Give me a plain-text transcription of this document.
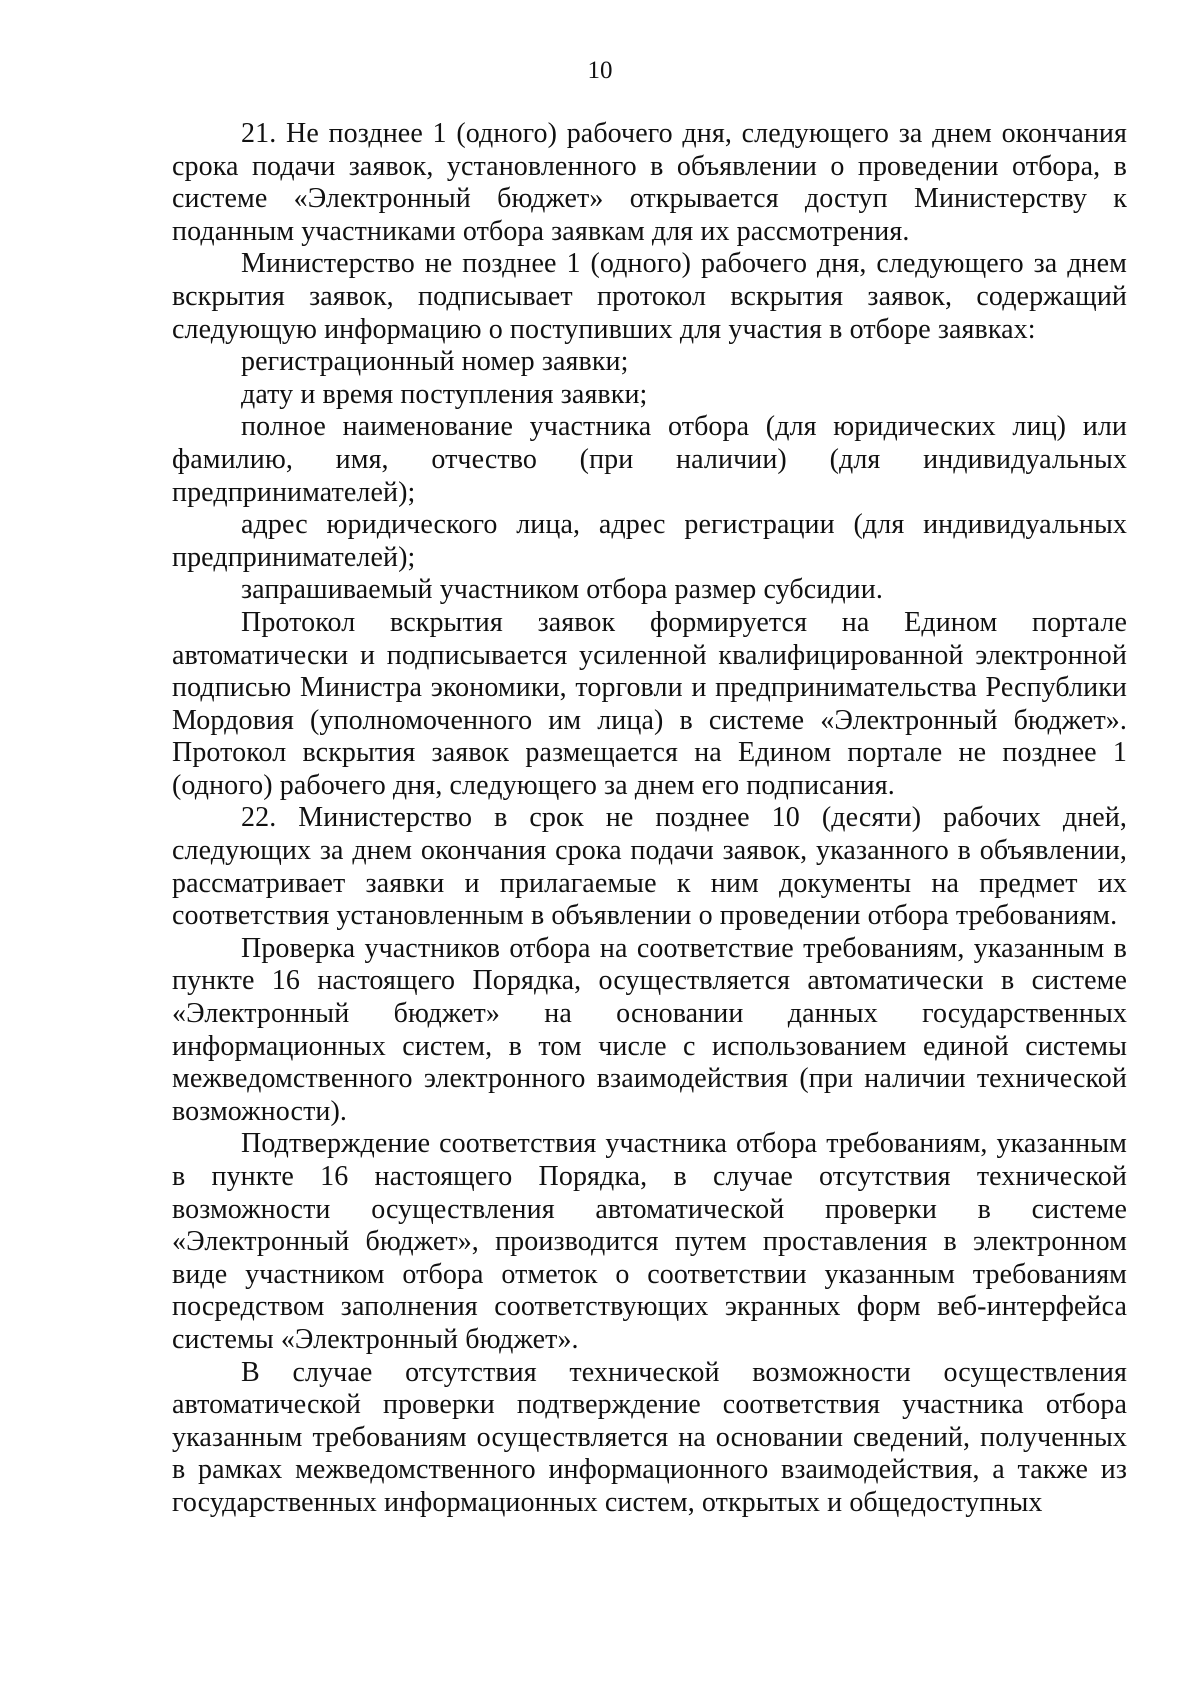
10

21. Не позднее 1 (одного) рабочего дня, следующего за днем окончания срока подачи заявок, установленного в объявлении о проведении отбора, в системе «Электронный бюджет» открывается доступ Министерству к поданным участниками отбора заявкам для их рассмотрения.

Министерство не позднее 1 (одного) рабочего дня, следующего за днем вскрытия заявок, подписывает протокол вскрытия заявок, содержащий следующую информацию о поступивших для участия в отборе заявках:

регистрационный номер заявки;

дату и время поступления заявки;

полное наименование участника отбора (для юридических лиц) или фамилию, имя, отчество (при наличии) (для индивидуальных предпринимателей);

адрес юридического лица, адрес регистрации (для индивидуальных предпринимателей);

запрашиваемый участником отбора размер субсидии.

Протокол вскрытия заявок формируется на Едином портале автоматически и подписывается усиленной квалифицированной электронной подписью Министра экономики, торговли и предпринимательства Республики Мордовия (уполномоченного им лица) в системе «Электронный бюджет». Протокол вскрытия заявок размещается на Едином портале не позднее 1 (одного) рабочего дня, следующего за днем его подписания.

22. Министерство в срок не позднее 10 (десяти) рабочих дней, следующих за днем окончания срока подачи заявок, указанного в объявлении, рассматривает заявки и прилагаемые к ним документы на предмет их соответствия установленным в объявлении о проведении отбора требованиям.

Проверка участников отбора на соответствие требованиям, указанным в пункте 16 настоящего Порядка, осуществляется автоматически в системе «Электронный бюджет» на основании данных государственных информационных систем, в том числе с использованием единой системы межведомственного электронного взаимодействия (при наличии технической возможности).

Подтверждение соответствия участника отбора требованиям, указанным в пункте 16 настоящего Порядка, в случае отсутствия технической возможности осуществления автоматической проверки в системе «Электронный бюджет», производится путем проставления в электронном виде участником отбора отметок о соответствии указанным требованиям посредством заполнения соответствующих экранных форм веб-интерфейса системы «Электронный бюджет».

В случае отсутствия технической возможности осуществления автоматической проверки подтверждение соответствия участника отбора указанным требованиям осуществляется на основании сведений, полученных в рамках межведомственного информационного взаимодействия, а также из государственных информационных систем, открытых и общедоступных
